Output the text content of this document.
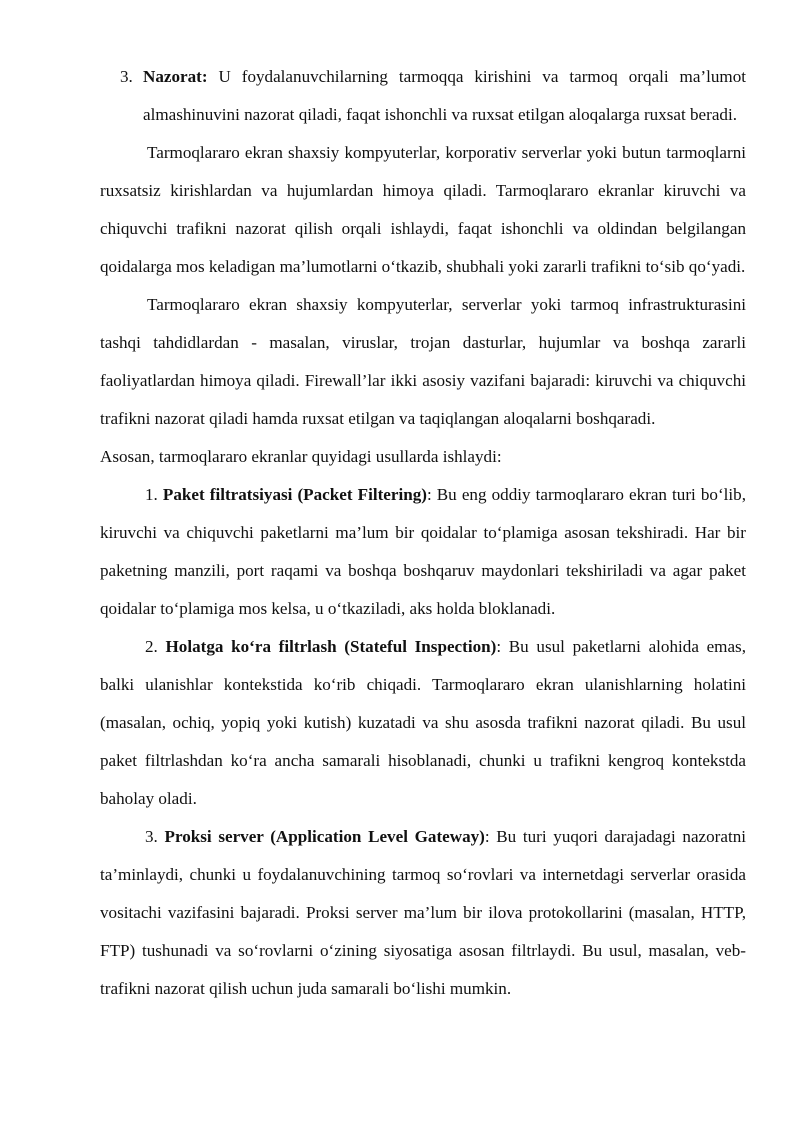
3. Nazorat: U foydalanuvchilarning tarmoqqa kirishini va tarmoq orqali ma’lumot almashinuvini nazorat qiladi, faqat ishonchli va ruxsat etilgan aloqalarga ruxsat beradi.

Tarmoqlararo ekran shaxsiy kompyuterlar, korporativ serverlar yoki butun tarmoqlarni ruxsatsiz kirishlardan va hujumlardan himoya qiladi. Tarmoqlararo ekranlar kiruvchi va chiquvchi trafikni nazorat qilish orqali ishlaydi, faqat ishonchli va oldindan belgilangan qoidalarga mos keladigan ma’lumotlarni oʻtkazib, shubhali yoki zararli trafikni toʻsib qoʻyadi.

Tarmoqlararo ekran shaxsiy kompyuterlar, serverlar yoki tarmoq infrastrukturasini tashqi tahdidlardan - masalan, viruslar, trojan dasturlar, hujumlar va boshqa zararli faoliyatlardan himoya qiladi. Firewall’lar ikki asosiy vazifani bajaradi: kiruvchi va chiquvchi trafikni nazorat qiladi hamda ruxsat etilgan va taqiqlangan aloqalarni boshqaradi.

Asosan, tarmoqlararo ekranlar quyidagi usullarda ishlaydi:

1. Paket filtratsiyasi (Packet Filtering): Bu eng oddiy tarmoqlararo ekran turi boʻlib, kiruvchi va chiquvchi paketlarni ma’lum bir qoidalar toʻplamiga asosan tekshiradi. Har bir paketning manzili, port raqami va boshqa boshqaruv maydonlari tekshiriladi va agar paket qoidalar toʻplamiga mos kelsa, u oʻtkaziladi, aks holda bloklanadi.

2. Holatga koʻra filtrlash (Stateful Inspection): Bu usul paketlarni alohida emas, balki ulanishlar kontekstida koʻrib chiqadi. Tarmoqlararo ekran ulanishlarning holatini (masalan, ochiq, yopiq yoki kutish) kuzatadi va shu asosda trafikni nazorat qiladi. Bu usul paket filtrlashdan koʻra ancha samarali hisoblanadi, chunki u trafikni kengroq kontekstda baholay oladi.

3. Proksi server (Application Level Gateway): Bu turi yuqori darajadagi nazoratni ta’minlaydi, chunki u foydalanuvchining tarmoq soʻrovlari va internetdagi serverlar orasida vositachi vazifasini bajaradi. Proksi server ma’lum bir ilova protokollarini (masalan, HTTP, FTP) tushunadi va soʻrovlarni oʻzining siyosatiga asosan filtrlaydi. Bu usul, masalan, veb-trafikni nazorat qilish uchun juda samarali boʻlishi mumkin.
